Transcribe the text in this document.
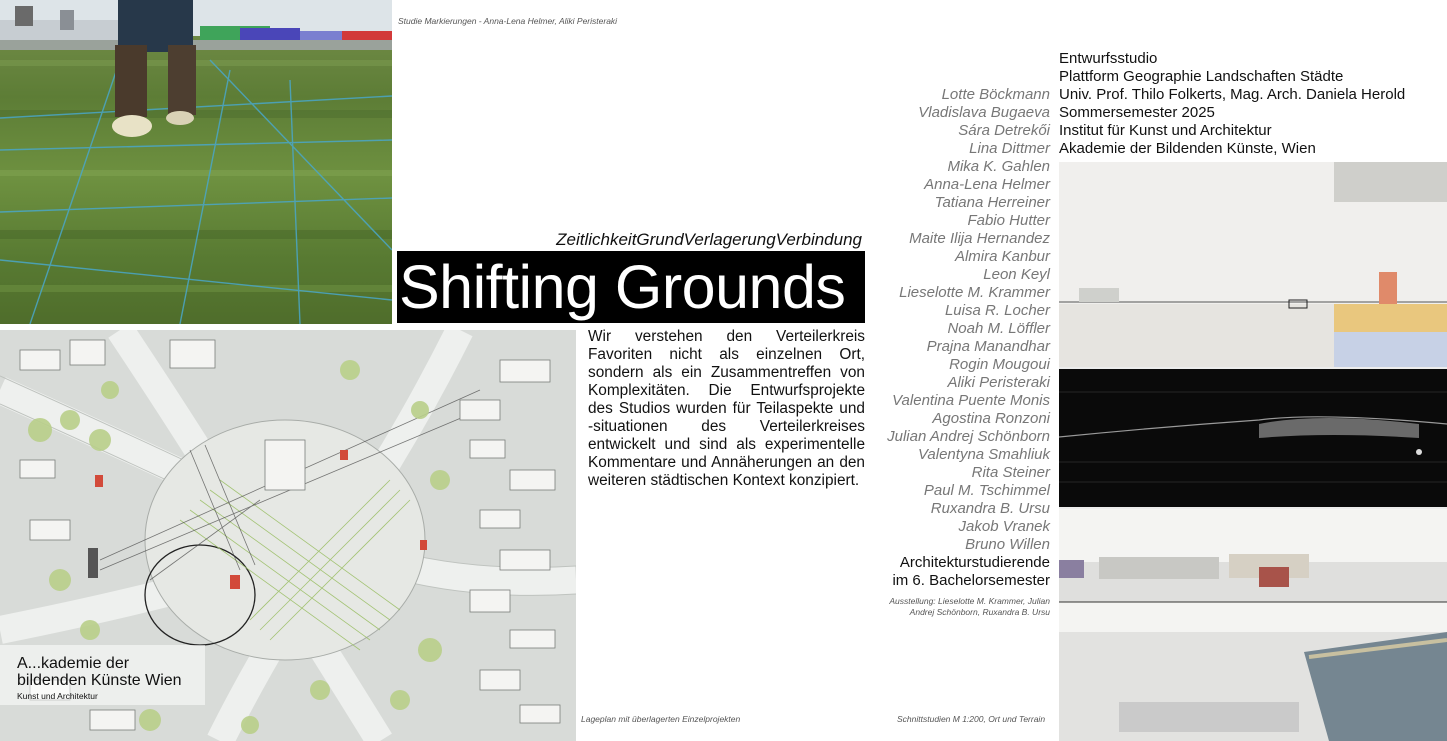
Studie Markierungen - Anna-Lena Helmer, Aliki Peristeraki
ZeitlichkeitGrundVerlagerungVerbindung
Shifting Grounds
Lageplan mit überlagerten Einzelprojekten
A...kademie der
bildenden Künste Wien
Kunst und Architektur
Wir verstehen den Verteilerkreis Favoriten nicht als einzelnen Ort, sondern als ein Zusammentreffen von Komplexitäten. Die Entwurfsprojekte des Studios wurden für Teilaspekte und -situationen des Verteilerkreises entwickelt und sind als experimentelle Kommentare und Annäherungen an den weiteren städtischen Kontext konzipiert.
Entwurfsstudio
Plattform Geographie Landschaften Städte
Univ. Prof. Thilo Folkerts, Mag. Arch. Daniela Herold
Sommersemester 2025
Institut für Kunst und Architektur
Akademie der Bildenden Künste, Wien
Lotte Böckmann
Vladislava Bugaeva
Sára Detrekői
Lina Dittmer
Mika K. Gahlen
Anna-Lena Helmer
Tatiana Herreiner
Fabio Hutter
Maite Ilija Hernandez
Almira Kanbur
Leon Keyl
Lieselotte M. Krammer
Luisa R. Locher
Noah M. Löffler
Prajna Manandhar
Rogin Mougoui
Aliki Peristeraki
Valentina Puente Monis
Agostina Ronzoni
Julian Andrej Schönborn
Valentyna Smahliuk
Rita Steiner
Paul M. Tschimmel
Ruxandra B. Ursu
Jakob Vranek
Bruno Willen
Architekturstudierende
im 6. Bachelorsemester
Ausstellung: Lieselotte M. Krammer, Julian
Andrej Schönborn, Ruxandra B. Ursu
Schnittstudien M 1:200, Ort und Terrain
